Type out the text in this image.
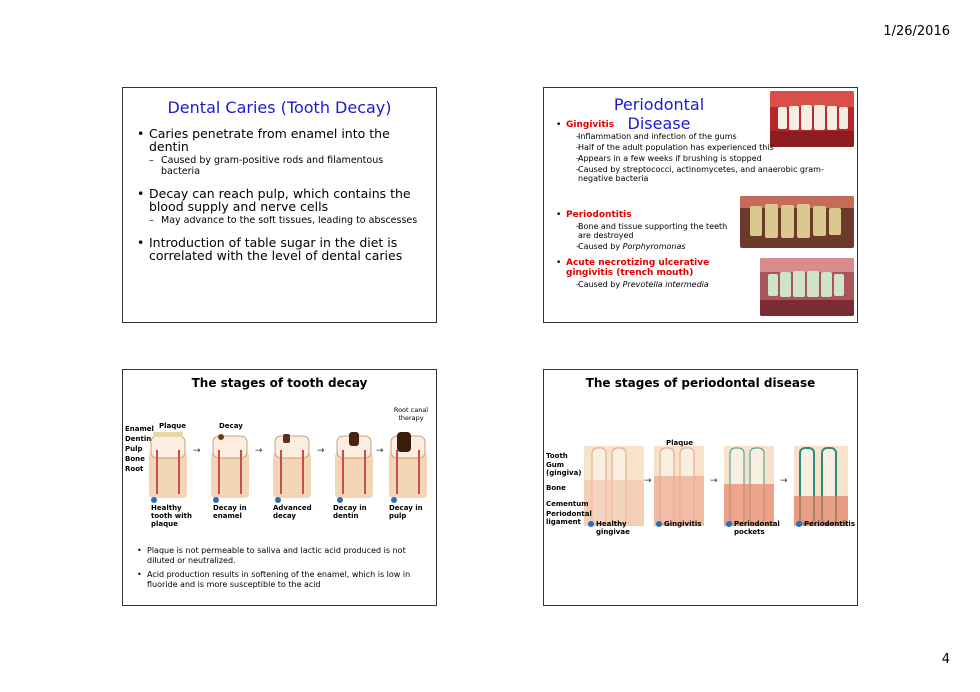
1/26/2016
4
Dental Caries (Tooth Decay)
• Caries penetrate from enamel into the dentin
– Caused by gram-positive rods and filamentous bacteria
• Decay can reach pulp, which contains the blood supply and nerve cells
– May advance to the soft tissues, leading to abscesses
• Introduction of table sugar in the diet is correlated with the level of dental caries
Periodontal Disease
• Gingivitis
– Inflammation and infection of the gums
– Half of the adult population has experienced this
– Appears in a few weeks if brushing is stopped
– Caused by streptococci, actinomycetes, and anaerobic gram-negative bacteria
• Periodontitis
– Bone and tissue supporting the teeth are destroyed
– Caused by Porphyromonas
• Acute necrotizing ulcerative gingivitis (trench mouth)
– Caused by Prevotella intermedia
The stages of tooth decay
Enamel
Dentin
Pulp
Bone
Root
Plaque	Decay
Root canal therapy
→	→	→	→
Healthy tooth with plaque
Decay in enamel
Advanced decay
Decay in dentin
Decay in pulp
• Plaque is not permeable to saliva and lactic acid produced is not diluted or neutralized.
• Acid production results in softening of the enamel, which is low in fluoride and is more susceptible to the acid
The stages of periodontal disease
Tooth
Gum (gingiva)
Bone
Cementum
Periodontal ligament
Plaque
→	→	→
Healthy gingivae
Gingivitis	Periodontal pockets
Periodontitis
